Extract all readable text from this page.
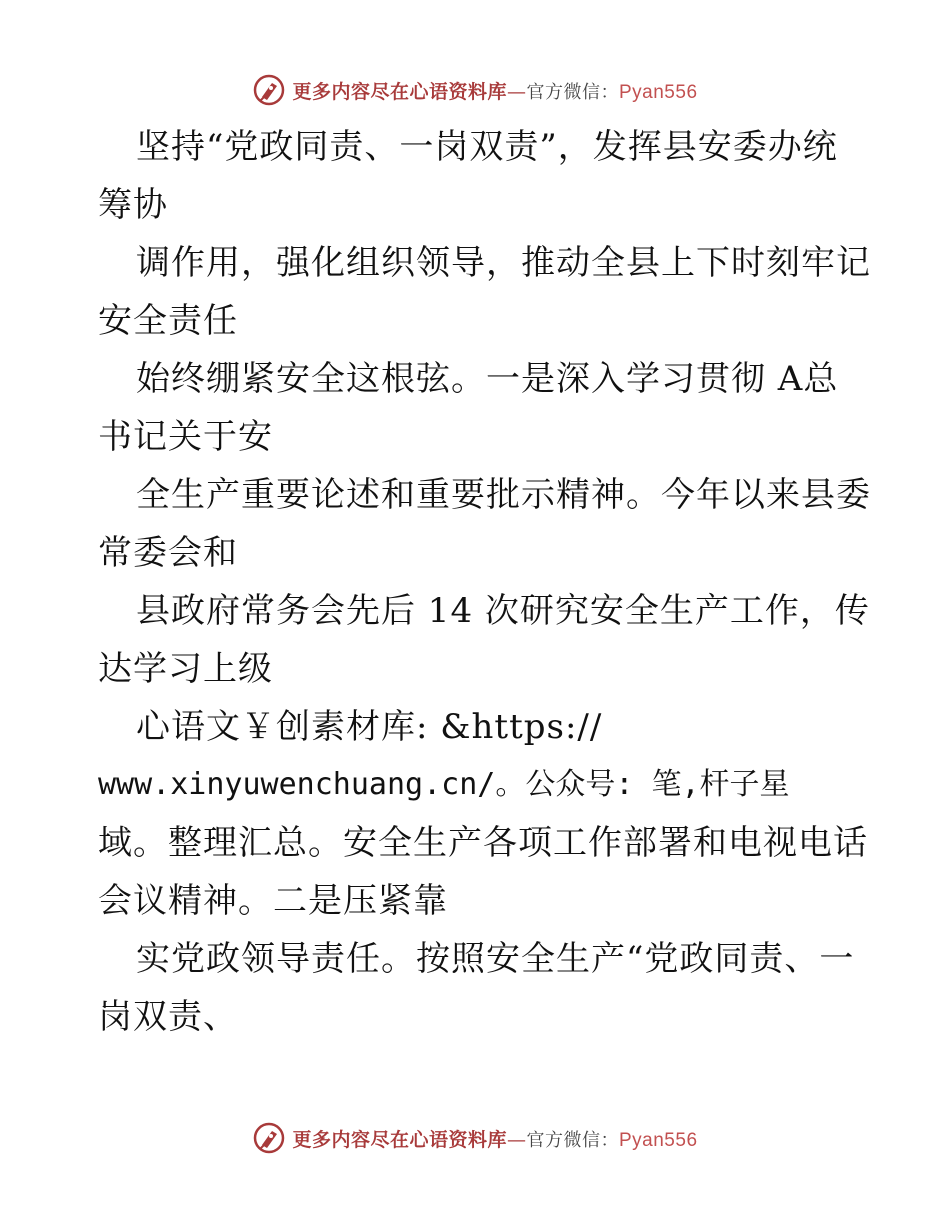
更多内容尽在心语资料库—官方微信：Pyan556
坚持“党政同责、一岗双责”，发挥县安委办统
筹协
调作用，强化组织领导，推动全县上下时刻牢记
安全责任
始终绷紧安全这根弦。一是深入学习贯彻 A总
书记关于安
全生产重要论述和重要批示精神。今年以来县委
常委会和
县政府常务会先后 14 次研究安全生产工作，传
达学习上级
心语文￥创素材库: &https://
www.xinyuwenchuang.cn/。公众号: 笔,杆子星
域。整理汇总。安全生产各项工作部署和电视电话
会议精神。二是压紧靠
实党政领导责任。按照安全生产“党政同责、一
岗双责、
更多内容尽在心语资料库—官方微信：Pyan556
